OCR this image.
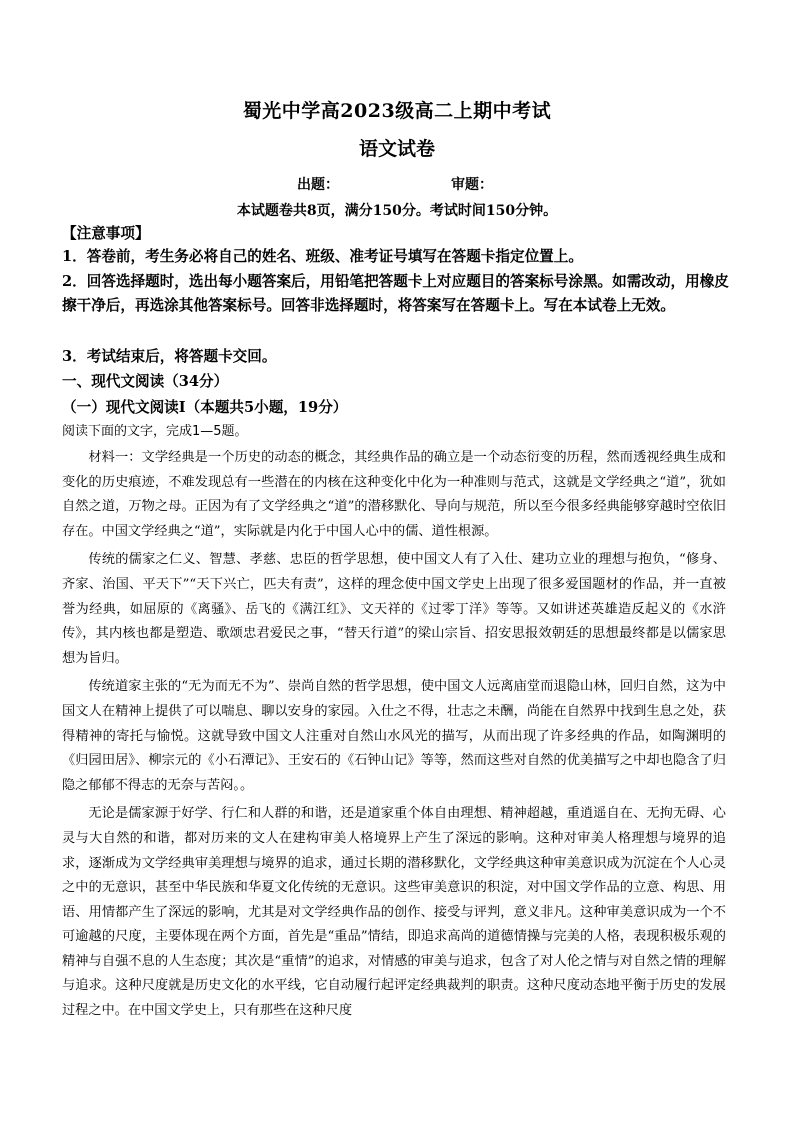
蜀光中学高2023级高二上期中考试
语文试卷
出题：	审题：
本试题卷共8页，满分150分。考试时间150分钟。
【注意事项】
1．答卷前，考生务必将自己的姓名、班级、准考证号填写在答题卡指定位置上。
2．回答选择题时，选出每小题答案后，用铅笔把答题卡上对应题目的答案标号涂黑。如需改动，用橡皮擦干净后，再选涂其他答案标号。回答非选择题时，将答案写在答题卡上。写在本试卷上无效。
3．考试结束后，将答题卡交回。
一、现代文阅读（34分）
（一）现代文阅读Ⅰ（本题共5小题，19分）
阅读下面的文字，完成1—5题。

材料一：文学经典是一个历史的动态的概念，其经典作品的确立是一个动态衍变的历程，然而透视经典生成和变化的历史痕迹，不难发现总有一些潜在的内核在这种变化中化为一种准则与范式，这就是文学经典之“道”，犹如自然之道，万物之母。正因为有了文学经典之“道”的潜移默化、导向与规范，所以至今很多经典能够穿越时空依旧存在。中国文学经典之“道”，实际就是内化于中国人心中的儒、道性根源。

传统的儒家之仁义、智慧、孝慈、忠臣的哲学思想，使中国文人有了入仕、建功立业的理想与抱负，“修身、齐家、治国、平天下”“天下兴亡，匹夫有责”，这样的理念使中国文学史上出现了很多爱国题材的作品，并一直被誉为经典，如屈原的《离骚》、岳飞的《满江红》、文天祥的《过零丁洋》等等。又如讲述英雄造反起义的《水浒传》，其内核也都是塑造、歌颂忠君爱民之事，“替天行道”的梁山宗旨、招安思报效朝廷的思想最终都是以儒家思想为旨归。

传统道家主张的“无为而无不为”、崇尚自然的哲学思想，使中国文人远离庙堂而退隐山林，回归自然，这为中国文人在精神上提供了可以喘息、聊以安身的家园。入仕之不得，壮志之未酬，尚能在自然界中找到生息之处，获得精神的寄托与愉悦。这就导致中国文人注重对自然山水风光的描写，从而出现了许多经典的作品，如陶渊明的《归园田居》、柳宗元的《小石潭记》、王安石的《石钟山记》等等，然而这些对自然的优美描写之中却也隐含了归隐之郁郁不得志的无奈与苦闷。。

无论是儒家源于好学、行仁和人群的和谐，还是道家重个体自由理想、精神超越，重逍遥自在、无拘无碍、心灵与大自然的和谐，都对历来的文人在建构审美人格境界上产生了深远的影响。这种对审美人格理想与境界的追求，逐渐成为文学经典审美理想与境界的追求，通过长期的潜移默化，文学经典这种审美意识成为沉淀在个人心灵之中的无意识，甚至中华民族和华夏文化传统的无意识。这些审美意识的积淀，对中国文学作品的立意、构思、用语、用情都产生了深远的影响，尤其是对文学经典作品的创作、接受与评判，意义非凡。这种审美意识成为一个不可逾越的尺度，主要体现在两个方面，首先是“重品”情结，即追求高尚的道德情操与完美的人格，表现积极乐观的精神与自强不息的人生态度；其次是“重情”的追求，对情感的审美与追求，包含了对人伦之情与对自然之情的理解与追求。这种尺度就是历史文化的水平线，它自动履行起评定经典裁判的职责。这种尺度动态地平衡于历史的发展过程之中。在中国文学史上，只有那些在这种尺度
